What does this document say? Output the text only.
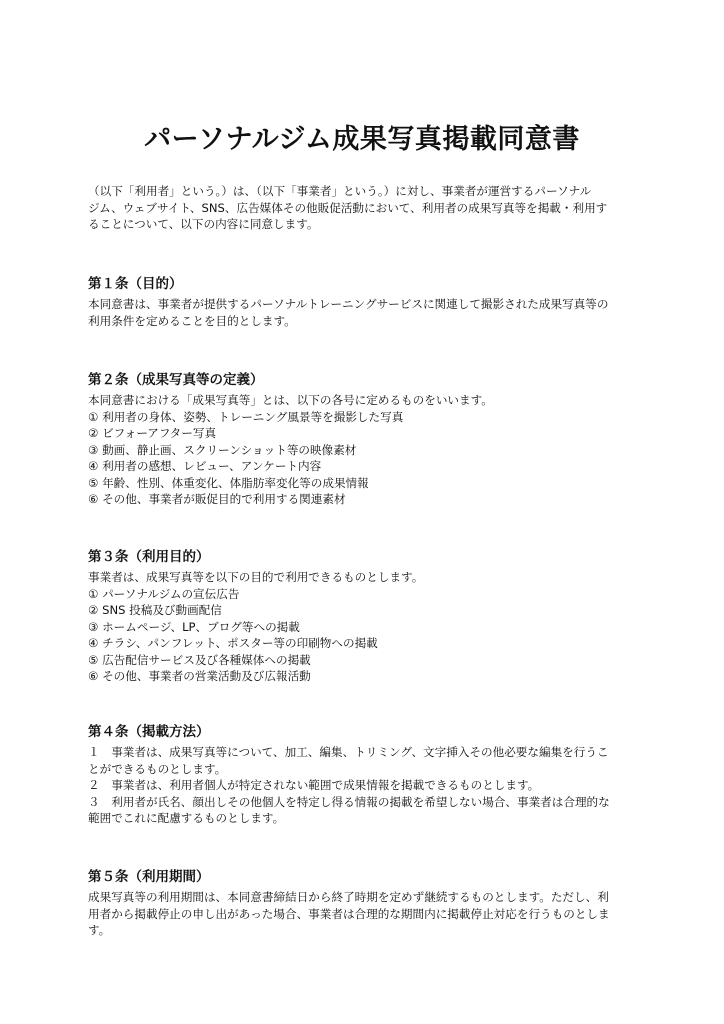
パーソナルジム成果写真掲載同意書

（以下「利用者」という。）は、（以下「事業者」という。）に対し、事業者が運営するパーソナル

ジム、ウェブサイト、SNS、広告媒体その他販促活動において、利用者の成果写真等を掲載・利用す

ることについて、以下の内容に同意します。

第１条（目的）

本同意書は、事業者が提供するパーソナルトレーニングサービスに関連して撮影された成果写真等の

利用条件を定めることを目的とします。

第２条（成果写真等の定義）

本同意書における「成果写真等」とは、以下の各号に定めるものをいいます。

① 利用者の身体、姿勢、トレーニング風景等を撮影した写真

② ビフォーアフター写真

③ 動画、静止画、スクリーンショット等の映像素材

④ 利用者の感想、レビュー、アンケート内容

⑤ 年齢、性別、体重変化、体脂肪率変化等の成果情報

⑥ その他、事業者が販促目的で利用する関連素材

第３条（利用目的）

事業者は、成果写真等を以下の目的で利用できるものとします。

① パーソナルジムの宣伝広告

② SNS 投稿及び動画配信

③ ホームページ、LP、ブログ等への掲載

④ チラシ、パンフレット、ポスター等の印刷物への掲載

⑤ 広告配信サービス及び各種媒体への掲載

⑥ その他、事業者の営業活動及び広報活動

第４条（掲載方法）

１　事業者は、成果写真等について、加工、編集、トリミング、文字挿入その他必要な編集を行うこ

とができるものとします。

２　事業者は、利用者個人が特定されない範囲で成果情報を掲載できるものとします。

３　利用者が氏名、顔出しその他個人を特定し得る情報の掲載を希望しない場合、事業者は合理的な

範囲でこれに配慮するものとします。

第５条（利用期間）

成果写真等の利用期間は、本同意書締結日から終了時期を定めず継続するものとします。ただし、利

用者から掲載停止の申し出があった場合、事業者は合理的な期間内に掲載停止対応を行うものとしま

す。
